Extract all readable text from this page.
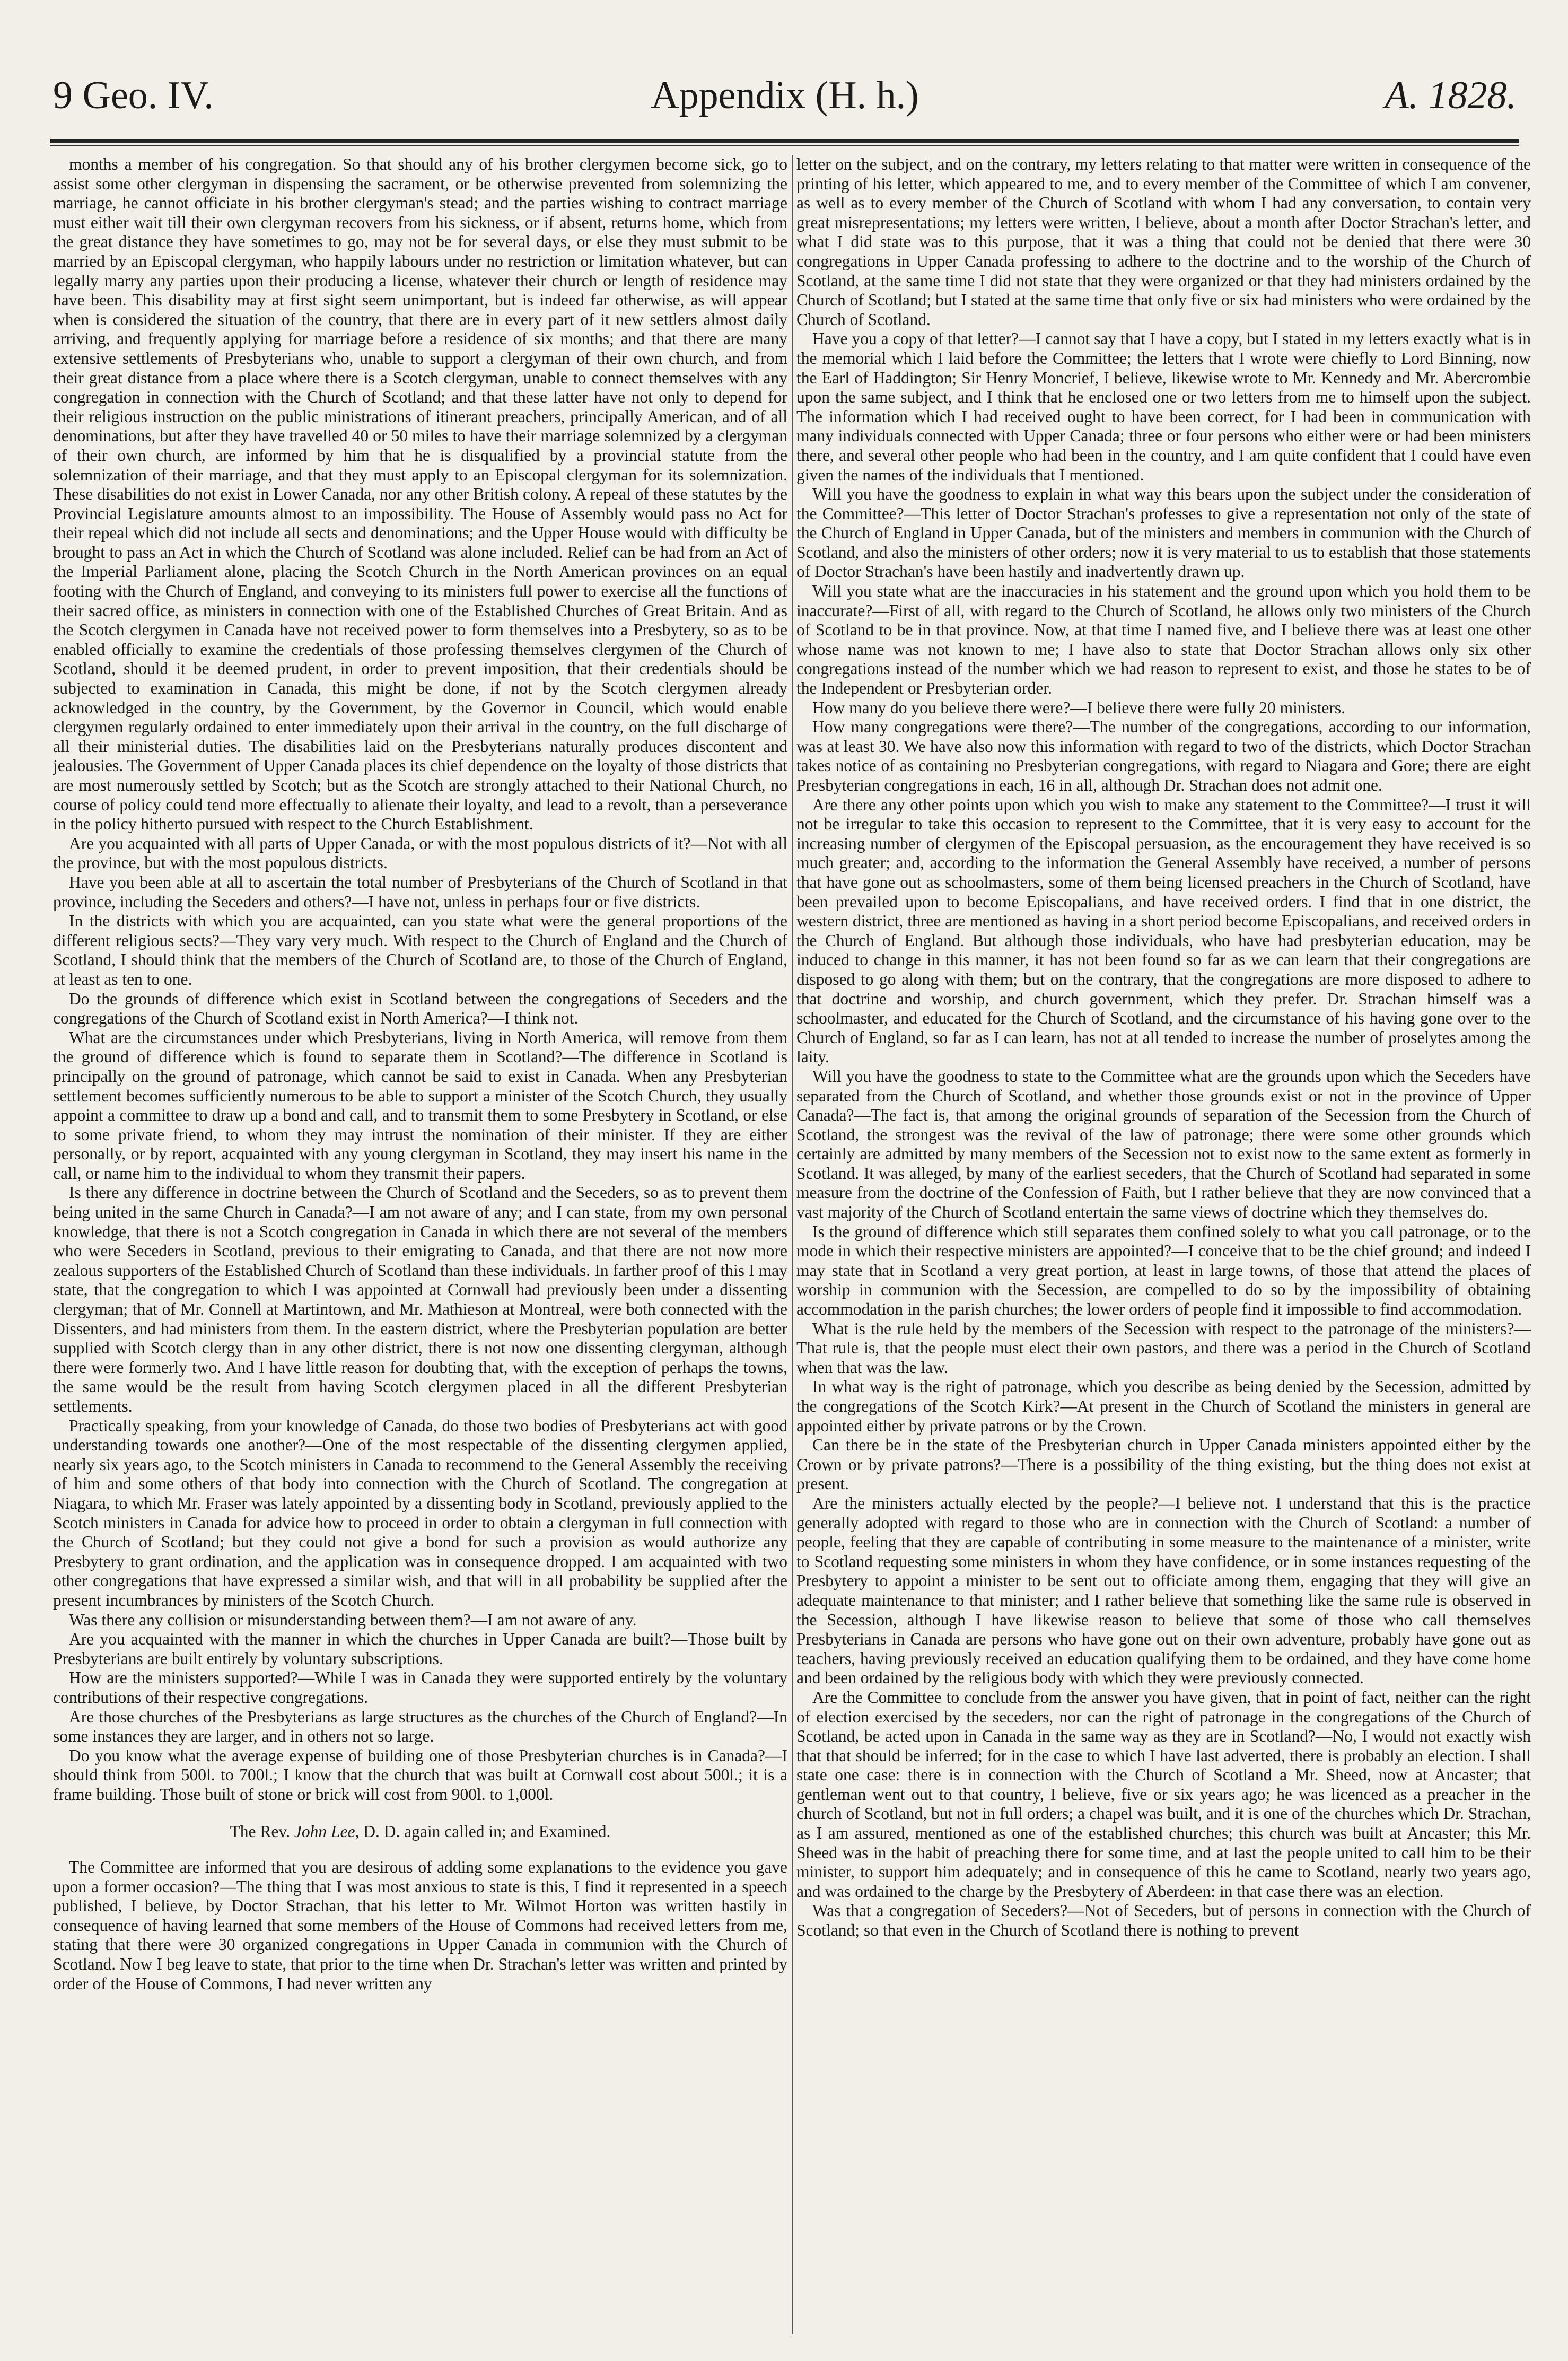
9 Geo. IV.	Appendix (H. h.)	A. 1828.

months a member of his congregation. So that should any of his brother clergymen become sick, go to assist some other clergyman in dispensing the sacrament, or be otherwise prevented from solemnizing the marriage, he cannot officiate in his brother clergyman's stead; and the parties wishing to contract marriage must either wait till their own clergyman recovers from his sickness, or if absent, returns home, which from the great distance they have sometimes to go, may not be for several days, or else they must submit to be married by an Episcopal clergyman, who happily labours under no restriction or limitation whatever, but can legally marry any parties upon their producing a license, whatever their church or length of residence may have been. This disability may at first sight seem unimportant, but is indeed far otherwise, as will appear when is considered the situation of the country, that there are in every part of it new settlers almost daily arriving, and frequently applying for marriage before a residence of six months; and that there are many extensive settlements of Presbyterians who, unable to support a clergyman of their own church, and from their great distance from a place where there is a Scotch clergyman, unable to connect themselves with any congregation in connection with the Church of Scotland; and that these latter have not only to depend for their religious instruction on the public ministrations of itinerant preachers, principally American, and of all denominations, but after they have travelled 40 or 50 miles to have their marriage solemnized by a clergyman of their own church, are informed by him that he is disqualified by a provincial statute from the solemnization of their marriage, and that they must apply to an Episcopal clergyman for its solemnization. These disabilities do not exist in Lower Canada, nor any other British colony. A repeal of these statutes by the Provincial Legislature amounts almost to an impossibility. The House of Assembly would pass no Act for their repeal which did not include all sects and denominations; and the Upper House would with difficulty be brought to pass an Act in which the Church of Scotland was alone included. Relief can be had from an Act of the Imperial Parliament alone, placing the Scotch Church in the North American provinces on an equal footing with the Church of England, and conveying to its ministers full power to exercise all the functions of their sacred office, as ministers in connection with one of the Established Churches of Great Britain. And as the Scotch clergymen in Canada have not received power to form themselves into a Presbytery, so as to be enabled officially to examine the credentials of those professing themselves clergymen of the Church of Scotland, should it be deemed prudent, in order to prevent imposition, that their credentials should be subjected to examination in Canada, this might be done, if not by the Scotch clergymen already acknowledged in the country, by the Government, by the Governor in Council, which would enable clergymen regularly ordained to enter immediately upon their arrival in the country, on the full discharge of all their ministerial duties. The disabilities laid on the Presbyterians naturally produces discontent and jealousies. The Government of Upper Canada places its chief dependence on the loyalty of those districts that are most numerously settled by Scotch; but as the Scotch are strongly attached to their National Church, no course of policy could tend more effectually to alienate their loyalty, and lead to a revolt, than a perseverance in the policy hitherto pursued with respect to the Church Establishment.

Are you acquainted with all parts of Upper Canada, or with the most populous districts of it?—Not with all the province, but with the most populous districts.

Have you been able at all to ascertain the total number of Presbyterians of the Church of Scotland in that province, including the Seceders and others?—I have not, unless in perhaps four or five districts.

In the districts with which you are acquainted, can you state what were the general proportions of the different religious sects?—They vary very much. With respect to the Church of England and the Church of Scotland, I should think that the members of the Church of Scotland are, to those of the Church of England, at least as ten to one.

Do the grounds of difference which exist in Scotland between the congregations of Seceders and the congregations of the Church of Scotland exist in North America?—I think not.

What are the circumstances under which Presbyterians, living in North America, will remove from them the ground of difference which is found to separate them in Scotland?—The difference in Scotland is principally on the ground of patronage, which cannot be said to exist in Canada. When any Presbyterian settlement becomes sufficiently numerous to be able to support a minister of the Scotch Church, they usually appoint a committee to draw up a bond and call, and to transmit them to some Presbytery in Scotland, or else to some private friend, to whom they may intrust the nomination of their minister. If they are either personally, or by report, acquainted with any young clergyman in Scotland, they may insert his name in the call, or name him to the individual to whom they transmit their papers.

Is there any difference in doctrine between the Church of Scotland and the Seceders, so as to prevent them being united in the same Church in Canada?—I am not aware of any; and I can state, from my own personal knowledge, that there is not a Scotch congregation in Canada in which there are not several of the members who were Seceders in Scotland, previous to their emigrating to Canada, and that there are not now more zealous supporters of the Established Church of Scotland than these individuals. In farther proof of this I may state, that the congregation to which I was appointed at Cornwall had previously been under a dissenting clergyman; that of Mr. Connell at Martintown, and Mr. Mathieson at Montreal, were both connected with the Dissenters, and had ministers from them. In the eastern district, where the Presbyterian population are better supplied with Scotch clergy than in any other district, there is not now one dissenting clergyman, although there were formerly two. And I have little reason for doubting that, with the exception of perhaps the towns, the same would be the result from having Scotch clergymen placed in all the different Presbyterian settlements.

Practically speaking, from your knowledge of Canada, do those two bodies of Presbyterians act with good understanding towards one another?—One of the most respectable of the dissenting clergymen applied, nearly six years ago, to the Scotch ministers in Canada to recommend to the General Assembly the receiving of him and some others of that body into connection with the Church of Scotland. The congregation at Niagara, to which Mr. Fraser was lately appointed by a dissenting body in Scotland, previously applied to the Scotch ministers in Canada for advice how to proceed in order to obtain a clergyman in full connection with the Church of Scotland; but they could not give a bond for such a provision as would authorize any Presbytery to grant ordination, and the application was in consequence dropped. I am acquainted with two other congregations that have expressed a similar wish, and that will in all probability be supplied after the present incumbrances by ministers of the Scotch Church.

Was there any collision or misunderstanding between them?—I am not aware of any.

Are you acquainted with the manner in which the churches in Upper Canada are built?—Those built by Presbyterians are built entirely by voluntary subscriptions.

How are the ministers supported?—While I was in Canada they were supported entirely by the voluntary contributions of their respective congregations.

Are those churches of the Presbyterians as large structures as the churches of the Church of England?—In some instances they are larger, and in others not so large.

Do you know what the average expense of building one of those Presbyterian churches is in Canada?—I should think from 500l. to 700l.; I know that the church that was built at Cornwall cost about 500l.; it is a frame building. Those built of stone or brick will cost from 900l. to 1,000l.

The Rev. John Lee, D. D. again called in; and Examined.

The Committee are informed that you are desirous of adding some explanations to the evidence you gave upon a former occasion?—The thing that I was most anxious to state is this, I find it represented in a speech published, I believe, by Doctor Strachan, that his letter to Mr. Wilmot Horton was written hastily in consequence of having learned that some members of the House of Commons had received letters from me, stating that there were 30 organized congregations in Upper Canada in communion with the Church of Scotland. Now I beg leave to state, that prior to the time when Dr. Strachan's letter was written and printed by order of the House of Commons, I had never written any

letter on the subject, and on the contrary, my letters relating to that matter were written in consequence of the printing of his letter, which appeared to me, and to every member of the Committee of which I am convener, as well as to every member of the Church of Scotland with whom I had any conversation, to contain very great misrepresentations; my letters were written, I believe, about a month after Doctor Strachan's letter, and what I did state was to this purpose, that it was a thing that could not be denied that there were 30 congregations in Upper Canada professing to adhere to the doctrine and to the worship of the Church of Scotland, at the same time I did not state that they were organized or that they had ministers ordained by the Church of Scotland; but I stated at the same time that only five or six had ministers who were ordained by the Church of Scotland.

Have you a copy of that letter?—I cannot say that I have a copy, but I stated in my letters exactly what is in the memorial which I laid before the Committee; the letters that I wrote were chiefly to Lord Binning, now the Earl of Haddington; Sir Henry Moncrief, I believe, likewise wrote to Mr. Kennedy and Mr. Abercrombie upon the same subject, and I think that he enclosed one or two letters from me to himself upon the subject. The information which I had received ought to have been correct, for I had been in communication with many individuals connected with Upper Canada; three or four persons who either were or had been ministers there, and several other people who had been in the country, and I am quite confident that I could have even given the names of the individuals that I mentioned.

Will you have the goodness to explain in what way this bears upon the subject under the consideration of the Committee?—This letter of Doctor Strachan's professes to give a representation not only of the state of the Church of England in Upper Canada, but of the ministers and members in communion with the Church of Scotland, and also the ministers of other orders; now it is very material to us to establish that those statements of Doctor Strachan's have been hastily and inadvertently drawn up.

Will you state what are the inaccuracies in his statement and the ground upon which you hold them to be inaccurate?—First of all, with regard to the Church of Scotland, he allows only two ministers of the Church of Scotland to be in that province. Now, at that time I named five, and I believe there was at least one other whose name was not known to me; I have also to state that Doctor Strachan allows only six other congregations instead of the number which we had reason to represent to exist, and those he states to be of the Independent or Presbyterian order.

How many do you believe there were?—I believe there were fully 20 ministers.

How many congregations were there?—The number of the congregations, according to our information, was at least 30. We have also now this information with regard to two of the districts, which Doctor Strachan takes notice of as containing no Presbyterian congregations, with regard to Niagara and Gore; there are eight Presbyterian congregations in each, 16 in all, although Dr. Strachan does not admit one.

Are there any other points upon which you wish to make any statement to the Committee?—I trust it will not be irregular to take this occasion to represent to the Committee, that it is very easy to account for the increasing number of clergymen of the Episcopal persuasion, as the encouragement they have received is so much greater; and, according to the information the General Assembly have received, a number of persons that have gone out as schoolmasters, some of them being licensed preachers in the Church of Scotland, have been prevailed upon to become Episcopalians, and have received orders. I find that in one district, the western district, three are mentioned as having in a short period become Episcopalians, and received orders in the Church of England. But although those individuals, who have had presbyterian education, may be induced to change in this manner, it has not been found so far as we can learn that their congregations are disposed to go along with them; but on the contrary, that the congregations are more disposed to adhere to that doctrine and worship, and church government, which they prefer. Dr. Strachan himself was a schoolmaster, and educated for the Church of Scotland, and the circumstance of his having gone over to the Church of England, so far as I can learn, has not at all tended to increase the number of proselytes among the laity.

Will you have the goodness to state to the Committee what are the grounds upon which the Seceders have separated from the Church of Scotland, and whether those grounds exist or not in the province of Upper Canada?—The fact is, that among the original grounds of separation of the Secession from the Church of Scotland, the strongest was the revival of the law of patronage; there were some other grounds which certainly are admitted by many members of the Secession not to exist now to the same extent as formerly in Scotland. It was alleged, by many of the earliest seceders, that the Church of Scotland had separated in some measure from the doctrine of the Confession of Faith, but I rather believe that they are now convinced that a vast majority of the Church of Scotland entertain the same views of doctrine which they themselves do.

Is the ground of difference which still separates them confined solely to what you call patronage, or to the mode in which their respective ministers are appointed?—I conceive that to be the chief ground; and indeed I may state that in Scotland a very great portion, at least in large towns, of those that attend the places of worship in communion with the Secession, are compelled to do so by the impossibility of obtaining accommodation in the parish churches; the lower orders of people find it impossible to find accommodation.

What is the rule held by the members of the Secession with respect to the patronage of the ministers?—That rule is, that the people must elect their own pastors, and there was a period in the Church of Scotland when that was the law.

In what way is the right of patronage, which you describe as being denied by the Secession, admitted by the congregations of the Scotch Kirk?—At present in the Church of Scotland the ministers in general are appointed either by private patrons or by the Crown.

Can there be in the state of the Presbyterian church in Upper Canada ministers appointed either by the Crown or by private patrons?—There is a possibility of the thing existing, but the thing does not exist at present.

Are the ministers actually elected by the people?—I believe not. I understand that this is the practice generally adopted with regard to those who are in connection with the Church of Scotland: a number of people, feeling that they are capable of contributing in some measure to the maintenance of a minister, write to Scotland requesting some ministers in whom they have confidence, or in some instances requesting of the Presbytery to appoint a minister to be sent out to officiate among them, engaging that they will give an adequate maintenance to that minister; and I rather believe that something like the same rule is observed in the Secession, although I have likewise reason to believe that some of those who call themselves Presbyterians in Canada are persons who have gone out on their own adventure, probably have gone out as teachers, having previously received an education qualifying them to be ordained, and they have come home and been ordained by the religious body with which they were previously connected.

Are the Committee to conclude from the answer you have given, that in point of fact, neither can the right of election exercised by the seceders, nor can the right of patronage in the congregations of the Church of Scotland, be acted upon in Canada in the same way as they are in Scotland?—No, I would not exactly wish that that should be inferred; for in the case to which I have last adverted, there is probably an election. I shall state one case: there is in connection with the Church of Scotland a Mr. Sheed, now at Ancaster; that gentleman went out to that country, I believe, five or six years ago; he was licenced as a preacher in the church of Scotland, but not in full orders; a chapel was built, and it is one of the churches which Dr. Strachan, as I am assured, mentioned as one of the established churches; this church was built at Ancaster; this Mr. Sheed was in the habit of preaching there for some time, and at last the people united to call him to be their minister, to support him adequately; and in consequence of this he came to Scotland, nearly two years ago, and was ordained to the charge by the Presbytery of Aberdeen: in that case there was an election.

Was that a congregation of Seceders?—Not of Seceders, but of persons in connection with the Church of Scotland; so that even in the Church of Scotland there is nothing to prevent
